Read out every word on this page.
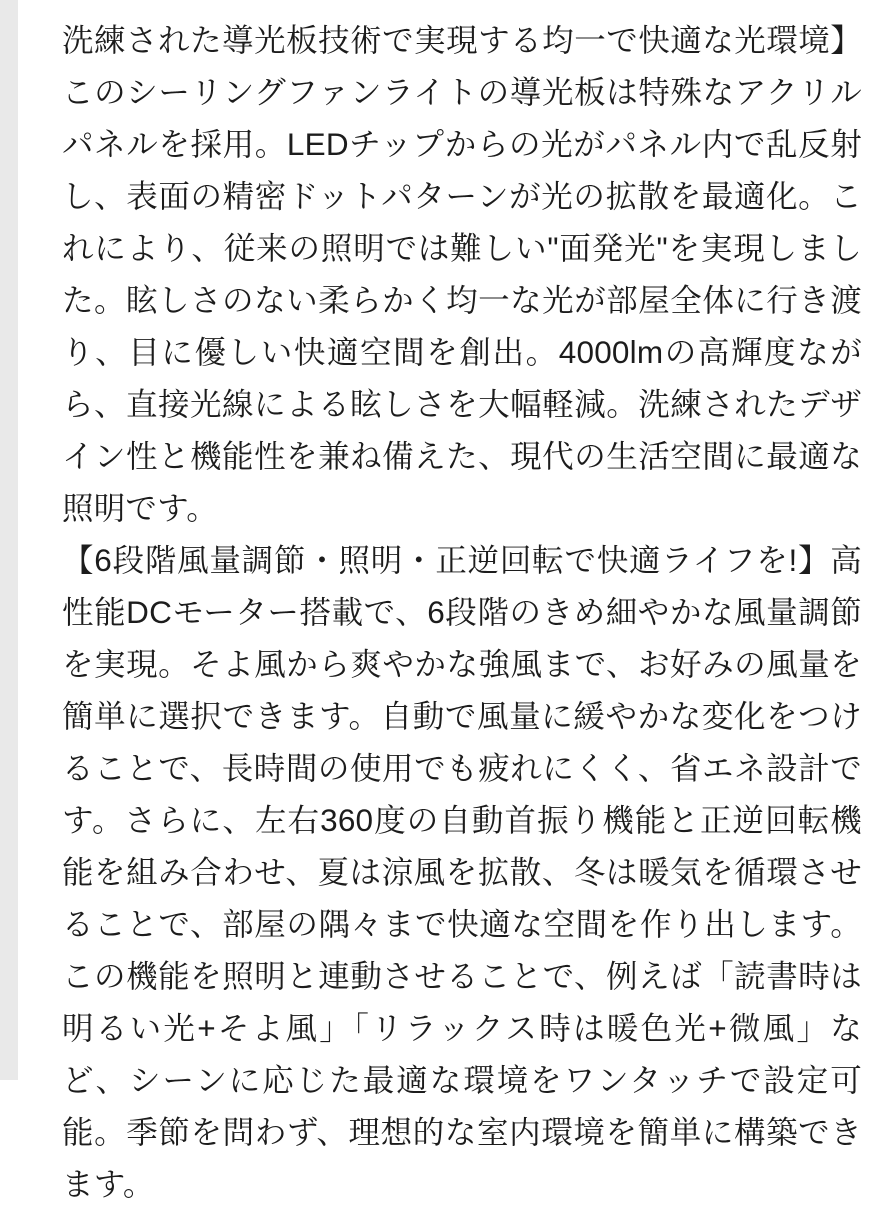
洗練された導光板技術で実現する均一で快適な光環境】このシーリングファンライトの導光板は特殊なアクリルパネルを採用。LEDチップからの光がパネル内で乱反射し、表面の精密ドットパターンが光の拡散を最適化。これにより、従来の照明では難しい"面発光"を実現しました。眩しさのない柔らかく均一な光が部屋全体に行き渡り、目に優しい快適空間を創出。4000lmの高輝度ながら、直接光線による眩しさを大幅軽減。洗練されたデザイン性と機能性を兼ね備えた、現代の生活空間に最適な照明です。

【6段階風量調節・照明・正逆回転で快適ライフを!】高性能DCモーター搭載で、6段階のきめ細やかな風量調節を実現。そよ風から爽やかな強風まで、お好みの風量を簡単に選択できます。自動で風量に緩やかな変化をつけることで、長時間の使用でも疲れにくく、省エネ設計です。さらに、左右360度の自動首振り機能と正逆回転機能を組み合わせ、夏は涼風を拡散、冬は暖気を循環させることで、部屋の隅々まで快適な空間を作り出します。この機能を照明と連動させることで、例えば「読書時は明るい光+そよ風」「リラックス時は暖色光+微風」など、シーンに応じた最適な環境をワンタッチで設定可能。季節を問わず、理想的な室内環境を簡単に構築できます。
